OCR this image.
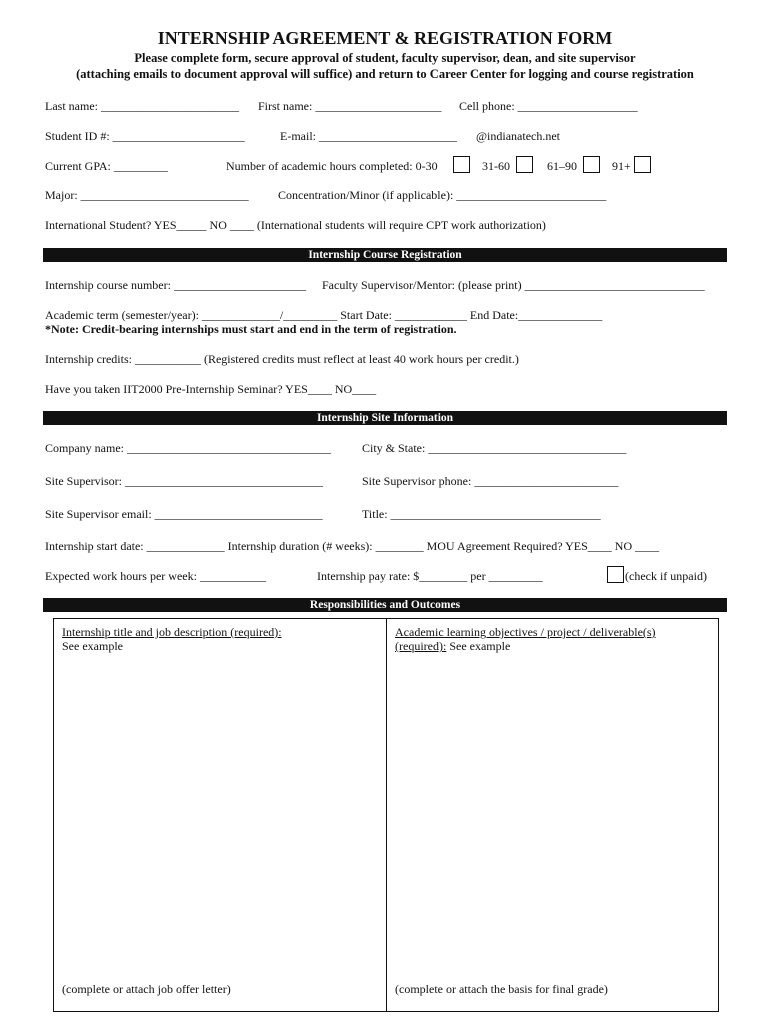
INTERNSHIP AGREEMENT & REGISTRATION FORM
Please complete form, secure approval of student, faculty supervisor, dean, and site supervisor
(attaching emails to document approval will suffice) and return to Career Center for logging and course registration
Last name: _______________________ First name: _____________________ Cell phone: ____________________
Student ID #: ______________________	E-mail: _______________________ @indianatech.net
Current GPA: _________	Number of academic hours completed: 0-30	31-60	61–90	91+
Major: ____________________________ Concentration/Minor (if applicable): _________________________
International Student? YES_____ NO ____ (International students will require CPT work authorization)
Internship Course Registration
Internship course number: ______________________ Faculty Supervisor/Mentor: (please print) ______________________________
Academic term (semester/year): _____________/_________ Start Date: ____________ End Date:______________
*Note: Credit-bearing internships must start and end in the term of registration.
Internship credits: ___________ (Registered credits must reflect at least 40 work hours per credit.)
Have you taken IIT2000 Pre-Internship Seminar? YES____ NO____
Internship Site Information
Company name: __________________________________	City & State: _________________________________
Site Supervisor: _________________________________	Site Supervisor phone: ________________________
Site Supervisor email: ____________________________	Title: ___________________________________
Internship start date: _____________ Internship duration (# weeks): ________ MOU Agreement Required? YES____ NO ____
Expected work hours per week: ___________	Internship pay rate: $________ per _________	(check if unpaid)
Responsibilities and Outcomes
Internship title and job description (required):
See example
(complete or attach job offer letter)
Academic learning objectives / project / deliverable(s)
(required): See example
(complete or attach the basis for final grade)
